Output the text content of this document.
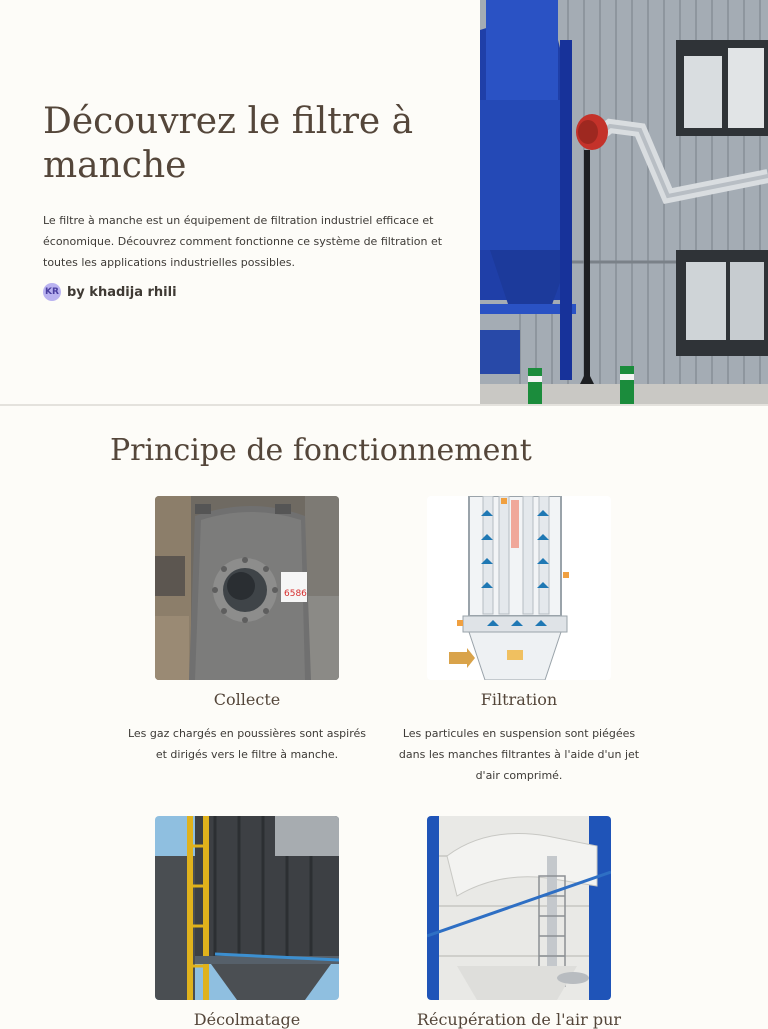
Découvrez le filtre à manche

Le filtre à manche est un équipement de filtration industriel efficace et économique. Découvrez comment fonctionne ce système de filtration et toutes les applications industrielles possibles.

KR by khadija rhili
Principe de fonctionnement
6586
Collecte

Les gaz chargés en poussières sont aspirés et dirigés vers le filtre à manche.

Filtration

Les particules en suspension sont piégées dans les manches filtrantes à l'aide d'un jet d'air comprimé.

Décolmatage	Récupération de l'air pur
